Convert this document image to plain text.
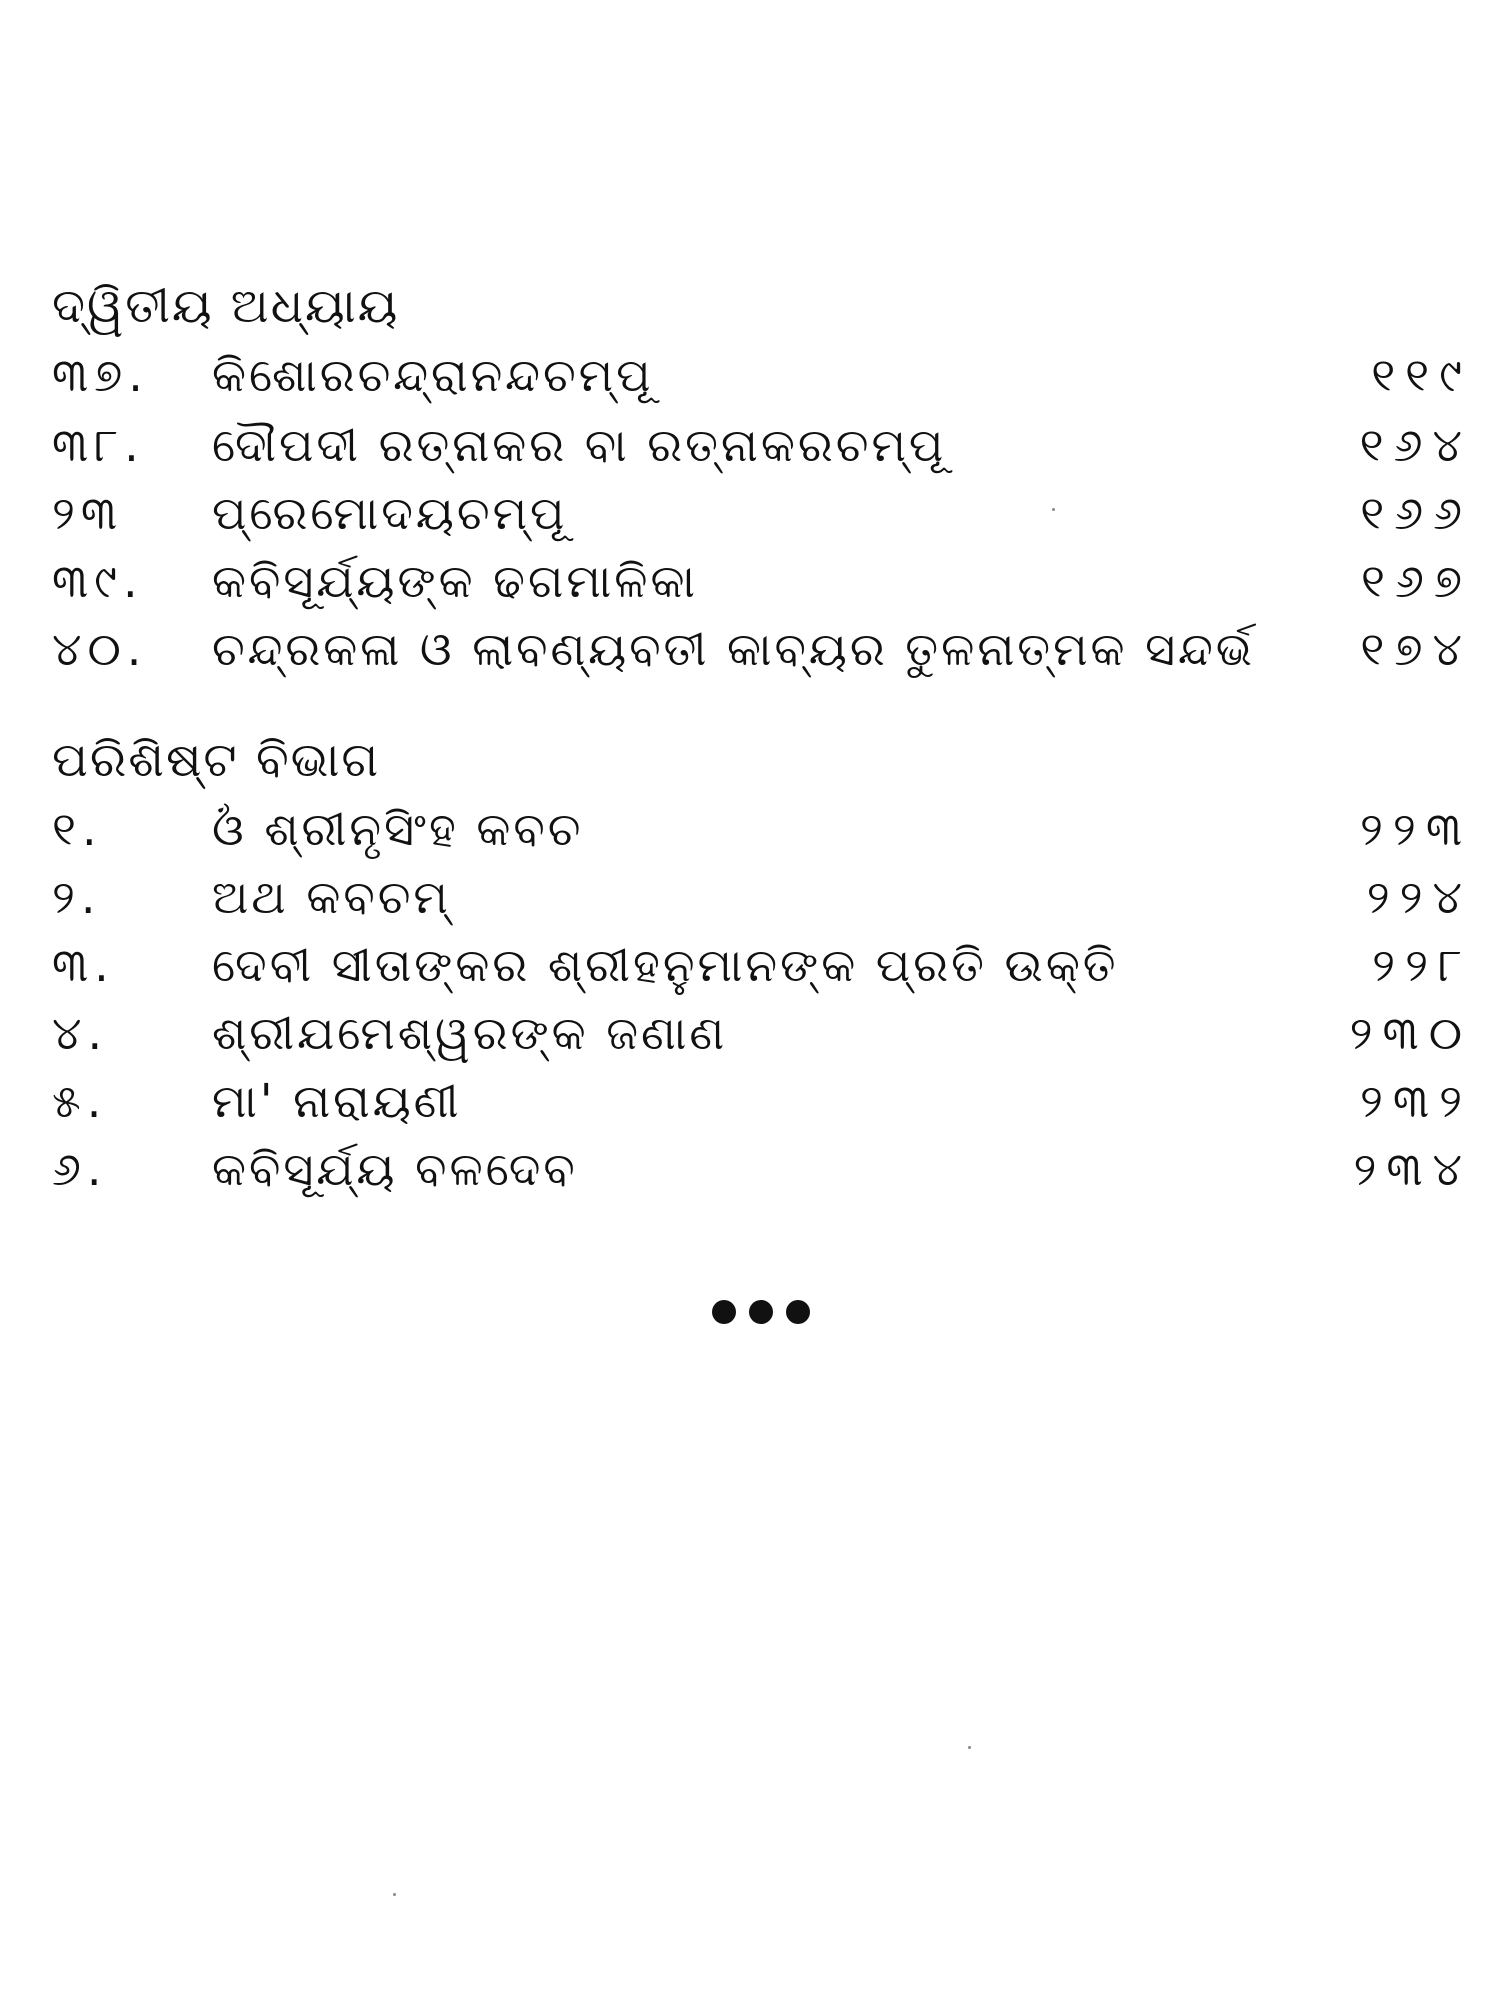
ଦ୍ୱିତୀୟ ଅଧ୍ୟାୟ
୩୭. କିଶୋରଚନ୍ଦ୍ରାନନ୍ଦଚମ୍ପୂ	୧୧୯
୩୮. ଦୌପଦୀ ରତ୍ନାକର ବା ରତ୍ନାକରଚମ୍ପୂ	୧୬୪
୨୩ ପ୍ରେମୋଦୟଚମ୍ପୂ	୧୬୬
୩୯. କବିସୂର୍ଯ୍ୟଙ୍କ ଢଗମାଳିକା	୧୬୭
୪୦. ଚନ୍ଦ୍ରକଳା ଓ ଲାବଣ୍ୟବତୀ କାବ୍ୟର ତୁଳନାତ୍ମକ ସନ୍ଦର୍ଭ ୧୭୪
ପରିଶିଷ୍ଟ ବିଭାଗ
୧. ଓଁ ଶ୍ରୀନୃସିଂହ କବଚ	୨୨୩
୨. ଅଥ କବଚମ୍	୨୨୪
୩. ଦେବୀ ସୀତାଙ୍କର ଶ୍ରୀହନୁମାନଙ୍କ ପ୍ରତି ଉକ୍ତି	୨୨୮
୪. ଶ୍ରୀଯମେଶ୍ୱରଙ୍କ ଜଣାଣ	୨୩୦
୫. ମା' ନାରାୟଣୀ	୨୩୨
୬. କବିସୂର୍ଯ୍ୟ ବଳଦେବ	୨୩୪
